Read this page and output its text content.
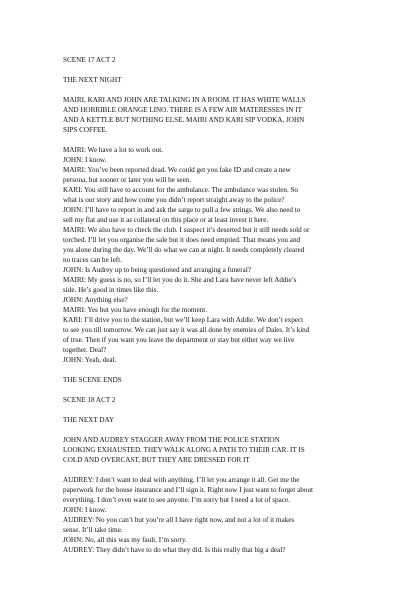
SCENE 17 ACT 2
THE NEXT NIGHT
MAIRI, KARI AND JOHN ARE TALKING IN A ROOM. IT HAS WHITE WALLS
AND HORRIBLE ORANGE LINO. THERE IS A FEW AIR MATERESSES IN IT
AND A KETTLE BUT NOTHING ELSE. MAIRI AND KARI SIP VODKA, JOHN
SIPS COFFEE.
MAIRI: We have a lot to work out.
JOHN: I know.
MAIRI: You’ve been reported dead. We could get you fake ID and create a new
persona, but sooner or later you will be seen.
KARI: You still have to account for the ambulance. The ambulance was stolen. So
what is our story and how come you didn’t report straight away to the police?
JOHN: I’ll have to report in and ask the sarge to pull a few strings. We also need to
sell my flat and use it as collateral on this place or at least invest it here.
MAIRI: We also have to check the club. I suspect it’s deserted but it still needs sold or
torched. I’ll let you organise the sale but it does need emptied. That means you and
you alone during the day. We’ll do what we can at night. It needs completely cleared
no traces can be left.
JOHN: Is Audrey up to being questioned and arranging a funeral?
MAIRI: My guess is no, so I’ll let you do it. She and Lara have never left Addie’s
side. He’s good in times like this.
JOHN: Anything else?
MAIRI: Yes but you have enough for the moment.
KARI: I’ll drive you to the station, but we’ll keep Lara with Addie. We don’t expect
to see you till tomorrow. We can just say it was all done by enemies of Dales. It’s kind
of true. Then if you want you leave the department or stay but either way we live
together. Deal?
JOHN: Yeah, deal.
THE SCENE ENDS
SCENE 18 ACT 2
THE NEXT DAY
JOHN AND AUDREY STAGGER AWAY FROM THE POLICE STATION
LOOKING EXHAUSTED. THEY WALK ALONG A PATH TO THEIR CAR. IT IS
COLD AND OVERCAST, BUT THEY ARE DRESSED FOR IT
AUDREY: I don’t want to deal with anything. I’ll let you arrange it all. Get me the
paperwork for the house insurance and I’ll sign it. Right now I just want to forget about
everything. I don’t even want to see anyone. I’m sorry but I need a lot of space.
JOHN: I know.
AUDREY: No you can’t but you’re all I have right now, and not a lot of it makes
sense. It’ll take time.
JOHN: No, all this was my fault. I’m sorry.
AUDREY: They didn’t have to do what they did. Is this really that big a deal?
